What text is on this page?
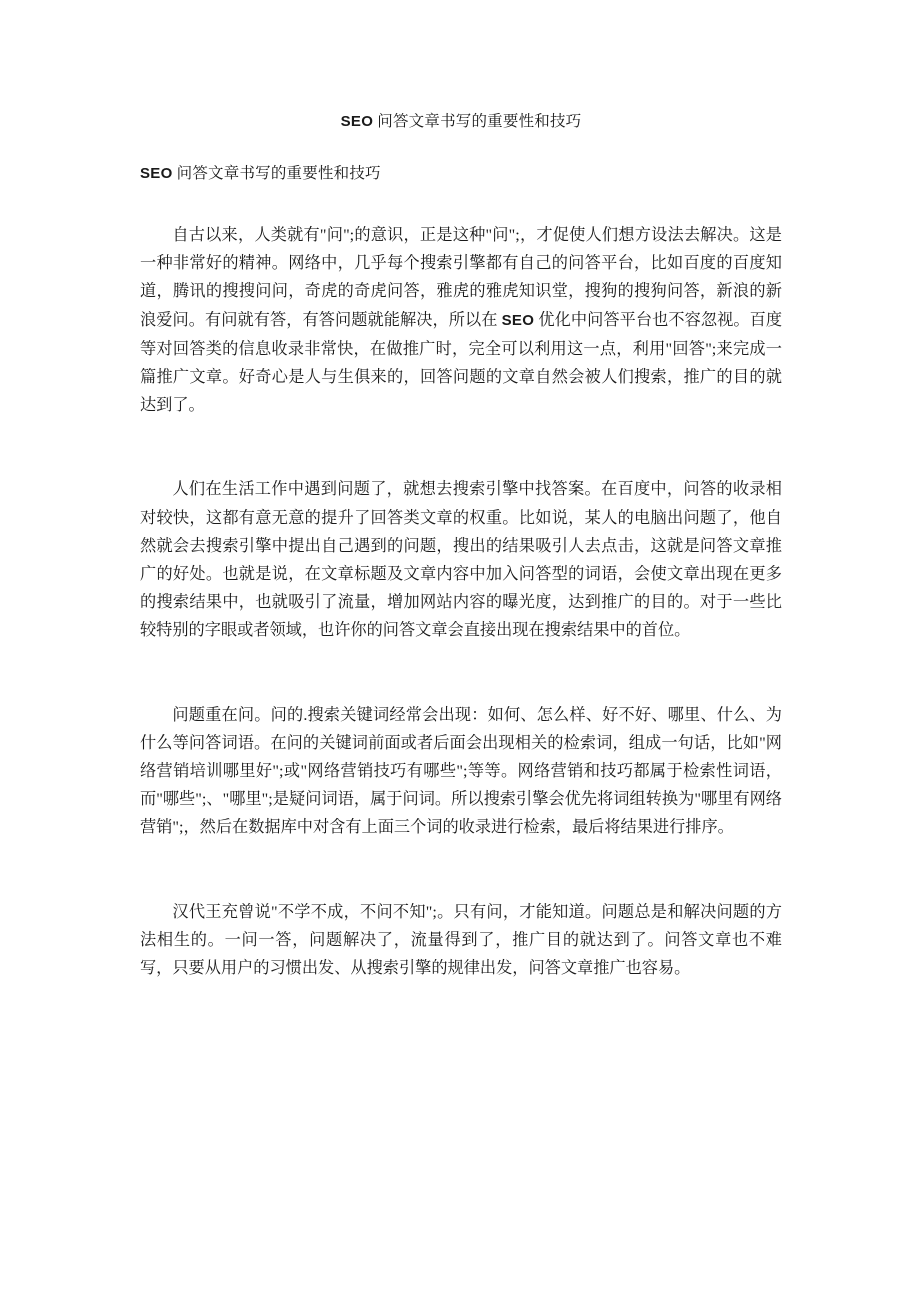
SEO 问答文章书写的重要性和技巧
SEO 问答文章书写的重要性和技巧

自古以来，人类就有"问";的意识，正是这种"问";，才促使人们想方设法去解决。这是一种非常好的精神。网络中，几乎每个搜索引擎都有自己的问答平台，比如百度的百度知道，腾讯的搜搜问问，奇虎的奇虎问答，雅虎的雅虎知识堂，搜狗的搜狗问答，新浪的新浪爱问。有问就有答，有答问题就能解决，所以在 SEO 优化中问答平台也不容忽视。百度等对回答类的信息收录非常快，在做推广时，完全可以利用这一点，利用"回答";来完成一篇推广文章。好奇心是人与生俱来的，回答问题的文章自然会被人们搜索，推广的目的就达到了。

人们在生活工作中遇到问题了，就想去搜索引擎中找答案。在百度中，问答的收录相对较快，这都有意无意的提升了回答类文章的权重。比如说，某人的电脑出问题了，他自然就会去搜索引擎中提出自己遇到的问题，搜出的结果吸引人去点击，这就是问答文章推广的好处。也就是说，在文章标题及文章内容中加入问答型的词语，会使文章出现在更多的搜索结果中，也就吸引了流量，增加网站内容的曝光度，达到推广的目的。对于一些比较特别的字眼或者领域，也许你的问答文章会直接出现在搜索结果中的首位。

问题重在问。问的.搜索关键词经常会出现：如何、怎么样、好不好、哪里、什么、为什么等问答词语。在问的关键词前面或者后面会出现相关的检索词，组成一句话，比如"网络营销培训哪里好";或"网络营销技巧有哪些";等等。网络营销和技巧都属于检索性词语，而"哪些";、"哪里";是疑问词语，属于问词。所以搜索引擎会优先将词组转换为"哪里有网络营销";，然后在数据库中对含有上面三个词的收录进行检索，最后将结果进行排序。

汉代王充曾说"不学不成，不问不知";。只有问，才能知道。问题总是和解决问题的方法相生的。一问一答，问题解决了，流量得到了，推广目的就达到了。问答文章也不难写，只要从用户的习惯出发、从搜索引擎的规律出发，问答文章推广也容易。
